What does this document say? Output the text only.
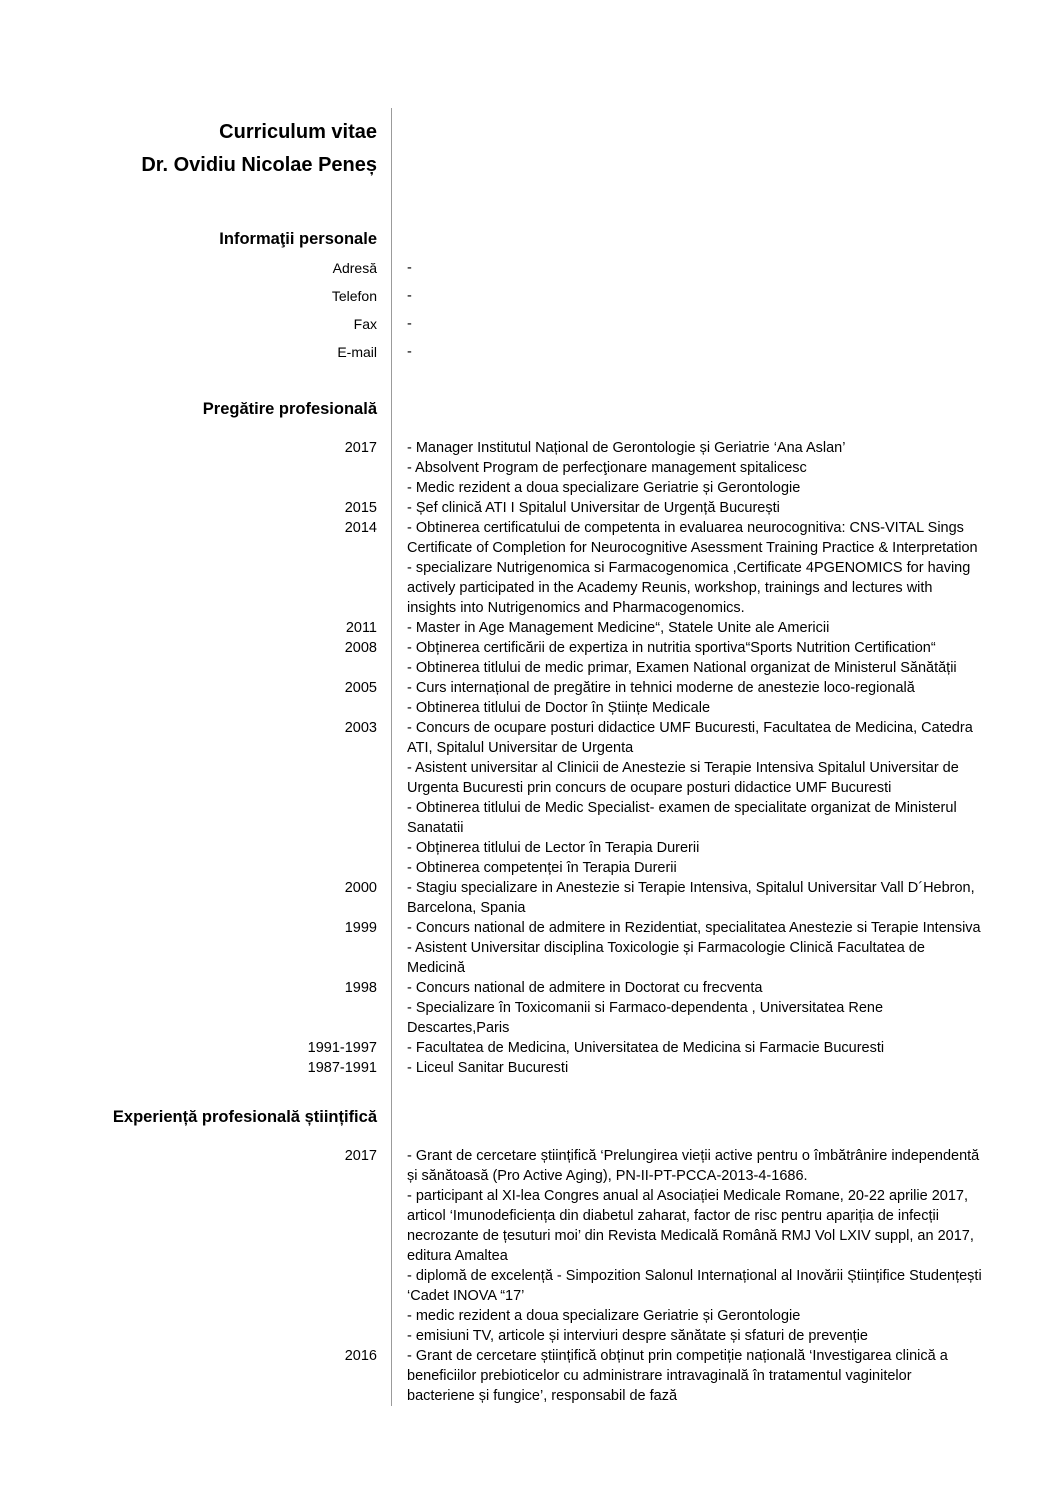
Curriculum vitae
Dr. Ovidiu Nicolae Peneș
Informaţii personale
Adresă -
Telefon -
Fax -
E-mail -
Pregătire profesională
2017 - Manager Institutul Național de Gerontologie și Geriatrie ‘Ana Aslan’
- Absolvent Program de perfecţionare management spitalicesc
- Medic rezident a doua specializare Geriatrie și Gerontologie
2015 - Șef clinică ATI I Spitalul Universitar de Urgență București
2014 - Obtinerea certificatului de competenta in evaluarea neurocognitiva: CNS-VITAL Sings Certificate of Completion for Neurocognitive Asessment Training Practice & Interpretation
- specializare Nutrigenomica si Farmacogenomica ,Certificate 4PGENOMICS for having actively participated in the Academy Reunis, workshop, trainings and lectures with insights into Nutrigenomics and Pharmacogenomics.
2011 - Master in Age Management Medicine“, Statele Unite ale Americii
2008 - Obținerea certificării de expertiza in nutritia sportiva“Sports Nutrition Certification“
- Obtinerea titlului de medic primar, Examen National organizat de Ministerul Sănătății
2005 - Curs internațional de pregătire in tehnici moderne de anestezie loco-regională
- Obtinerea titlului de Doctor în Științe Medicale
2003 - Concurs de ocupare posturi didactice UMF Bucuresti, Facultatea de Medicina, Catedra ATI, Spitalul Universitar de Urgenta
- Asistent universitar al Clinicii de Anestezie si Terapie Intensiva Spitalul Universitar de Urgenta Bucuresti prin concurs de ocupare posturi didactice UMF Bucuresti
- Obtinerea titlului de Medic Specialist- examen de specialitate organizat de Ministerul Sanatatii
- Obținerea titlului de Lector în Terapia Durerii
- Obtinerea competenței în Terapia Durerii
2000 - Stagiu specializare in Anestezie si Terapie Intensiva, Spitalul Universitar Vall D´Hebron, Barcelona, Spania
1999 - Concurs national de admitere in Rezidentiat, specialitatea Anestezie si Terapie Intensiva
- Asistent Universitar disciplina Toxicologie și Farmacologie Clinică Facultatea de Medicină
1998 - Concurs national de admitere in Doctorat cu frecventa
- Specializare în Toxicomanii si Farmaco-dependenta , Universitatea Rene Descartes,Paris
1991-1997 - Facultatea de Medicina, Universitatea de Medicina si Farmacie Bucuresti
1987-1991 - Liceul Sanitar Bucuresti
Experiență profesională științifică
2017 - Grant de cercetare științifică ‘Prelungirea vieții active pentru o îmbătrânire independentă și sănătoasă (Pro Active Aging), PN-II-PT-PCCA-2013-4-1686.
- participant al XI-lea Congres anual al Asociației Medicale Romane, 20-22 aprilie 2017, articol ‘Imunodeficiența din diabetul zaharat, factor de risc pentru apariția de infecții necrozante de țesuturi moi’ din Revista Medicală Română RMJ Vol LXIV suppl, an 2017, editura Amaltea
- diplomă de excelență - Simpozition Salonul Internațional al Inovării Științifice Studențești ‘Cadet INOVA “17’
- medic rezident a doua specializare Geriatrie și Gerontologie
- emisiuni TV, articole și interviuri despre sănătate și sfaturi de prevenție
2016 - Grant de cercetare științifică obținut prin competiție națională ‘Investigarea clinică a beneficiilor prebioticelor cu administrare intravaginală în tratamentul vaginitelor bacteriene și fungice’, responsabil de fază
